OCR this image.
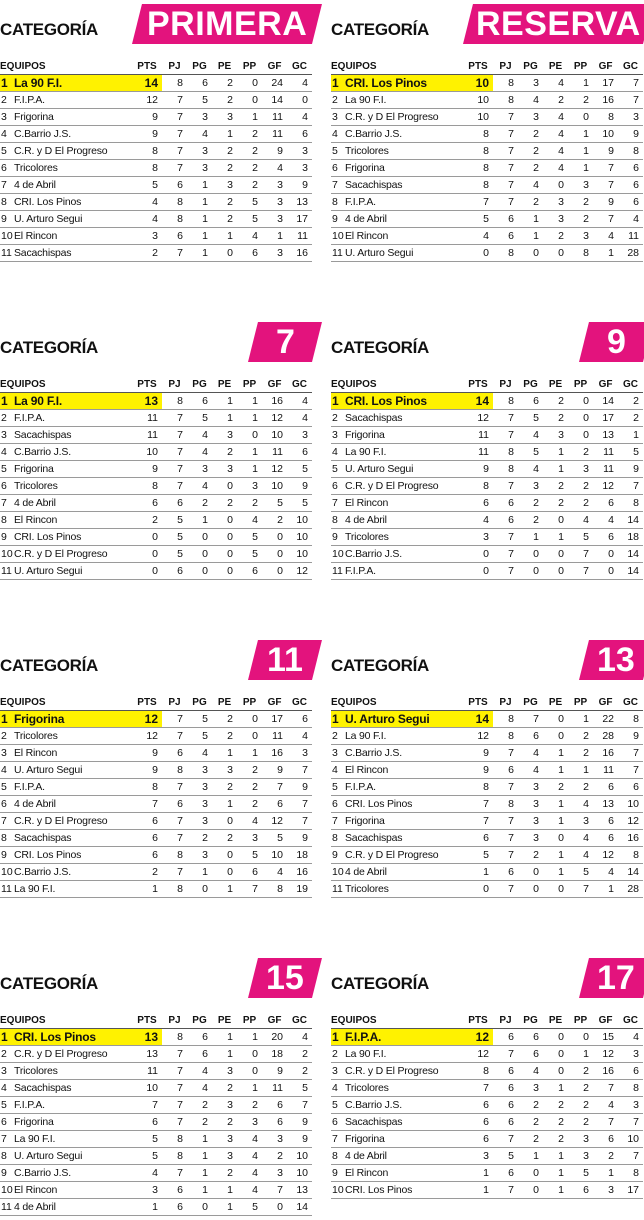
CATEGORÍA PRIMERA
EQUIPOS		PTS	PJ	PG	PE	PP	GF	GC
1	La 90 F.I.	14	8	6	2	0	24	4
2	F.I.P.A.	12	7	5	2	0	14	0
3	Frigorina	9	7	3	3	1	11	4
4	C.Barrio J.S.	9	7	4	1	2	11	6
5	C.R. y D El Progreso	8	7	3	2	2	9	3
6	Tricolores	8	7	3	2	2	4	3
7	4 de Abril	5	6	1	3	2	3	9
8	CRI. Los Pinos	4	8	1	2	5	3	13
9	U. Arturo Segui	4	8	1	2	5	3	17
10	El Rincon	3	6	1	1	4	1	11
11	Sacachispas	2	7	1	0	6	3	16
CATEGORÍA RESERVA
EQUIPOS		PTS	PJ	PG	PE	PP	GF	GC
1	CRI. Los Pinos	10	8	3	4	1	17	7
2	La 90 F.I.	10	8	4	2	2	16	7
3	C.R. y D El Progreso	10	7	3	4	0	8	3
4	C.Barrio J.S.	8	7	2	4	1	10	9
5	Tricolores	8	7	2	4	1	9	8
6	Frigorina	8	7	2	4	1	7	6
7	Sacachispas	8	7	4	0	3	7	6
8	F.I.P.A.	7	7	2	3	2	9	6
9	4 de Abril	5	6	1	3	2	7	4
10	El Rincon	4	6	1	2	3	4	11
11	U. Arturo Segui	0	8	0	0	8	1	28
CATEGORÍA	7
EQUIPOS		PTS	PJ	PG	PE	PP	GF	GC
1	La 90 F.I.	13	8	6	1	1	16	4
2	F.I.P.A.	11	7	5	1	1	12	4
3	Sacachispas	11	7	4	3	0	10	3
4	C.Barrio J.S.	10	7	4	2	1	11	6
5	Frigorina	9	7	3	3	1	12	5
6	Tricolores	8	7	4	0	3	10	9
7	4 de Abril	6	6	2	2	2	5	5
8	El Rincon	2	5	1	0	4	2	10
9	CRI. Los Pinos	0	5	0	0	5	0	10
10	C.R. y D El Progreso	0	5	0	0	5	0	10
11	U. Arturo Segui	0	6	0	0	6	0	12
CATEGORÍA	9
EQUIPOS		PTS	PJ	PG	PE	PP	GF	GC
1	CRI. Los Pinos	14	8	6	2	0	14	2
2	Sacachispas	12	7	5	2	0	17	2
3	Frigorina	11	7	4	3	0	13	1
4	La 90 F.I.	11	8	5	1	2	11	5
5	U. Arturo Segui	9	8	4	1	3	11	9
6	C.R. y D El Progreso	8	7	3	2	2	12	7
7	El Rincon	6	6	2	2	2	6	8
8	4 de Abril	4	6	2	0	4	4	14
9	Tricolores	3	7	1	1	5	6	18
10	C.Barrio J.S.	0	7	0	0	7	0	14
11	F.I.P.A.	0	7	0	0	7	0	14
CATEGORÍA	11
EQUIPOS		PTS	PJ	PG	PE	PP	GF	GC
1	Frigorina	12	7	5	2	0	17	6
2	Tricolores	12	7	5	2	0	11	4
3	El Rincon	9	6	4	1	1	16	3
4	U. Arturo Segui	9	8	3	3	2	9	7
5	F.I.P.A.	8	7	3	2	2	7	9
6	4 de Abril	7	6	3	1	2	6	7
7	C.R. y D El Progreso	6	7	3	0	4	12	7
8	Sacachispas	6	7	2	2	3	5	9
9	CRI. Los Pinos	6	8	3	0	5	10	18
10	C.Barrio J.S.	2	7	1	0	6	4	16
11	La 90 F.I.	1	8	0	1	7	8	19
CATEGORÍA	13
EQUIPOS		PTS	PJ	PG	PE	PP	GF	GC
1	U. Arturo Segui	14	8	7	0	1	22	8
2	La 90 F.I.	12	8	6	0	2	28	9
3	C.Barrio J.S.	9	7	4	1	2	16	7
4	El Rincon	9	6	4	1	1	11	7
5	F.I.P.A.	8	7	3	2	2	6	6
6	CRI. Los Pinos	7	8	3	1	4	13	10
7	Frigorina	7	7	3	1	3	6	12
8	Sacachispas	6	7	3	0	4	6	16
9	C.R. y D El Progreso	5	7	2	1	4	12	8
10	4 de Abril	1	6	0	1	5	4	14
11	Tricolores	0	7	0	0	7	1	28
CATEGORÍA	15
EQUIPOS		PTS	PJ	PG	PE	PP	GF	GC
1	CRI. Los Pinos	13	8	6	1	1	20	4
2	C.R. y D El Progreso	13	7	6	1	0	18	2
3	Tricolores	11	7	4	3	0	9	2
4	Sacachispas	10	7	4	2	1	11	5
5	F.I.P.A.	7	7	2	3	2	6	7
6	Frigorina	6	7	2	2	3	6	9
7	La 90 F.I.	5	8	1	3	4	3	9
8	U. Arturo Segui	5	8	1	3	4	2	10
9	C.Barrio J.S.	4	7	1	2	4	3	10
10	El Rincon	3	6	1	1	4	7	13
11	4 de Abril	1	6	0	1	5	0	14
CATEGORÍA	17
EQUIPOS		PTS	PJ	PG	PE	PP	GF	GC
1	F.I.P.A.	12	6	6	0	0	15	4
2	La 90 F.I.	12	7	6	0	1	12	3
3	C.R. y D El Progreso	8	6	4	0	2	16	6
4	Tricolores	7	6	3	1	2	7	8
5	C.Barrio J.S.	6	6	2	2	2	4	3
6	Sacachispas	6	6	2	2	2	7	7
7	Frigorina	6	7	2	2	3	6	10
8	4 de Abril	3	5	1	1	3	2	7
9	El Rincon	1	6	0	1	5	1	8
10	CRI. Los Pinos	1	7	0	1	6	3	17
